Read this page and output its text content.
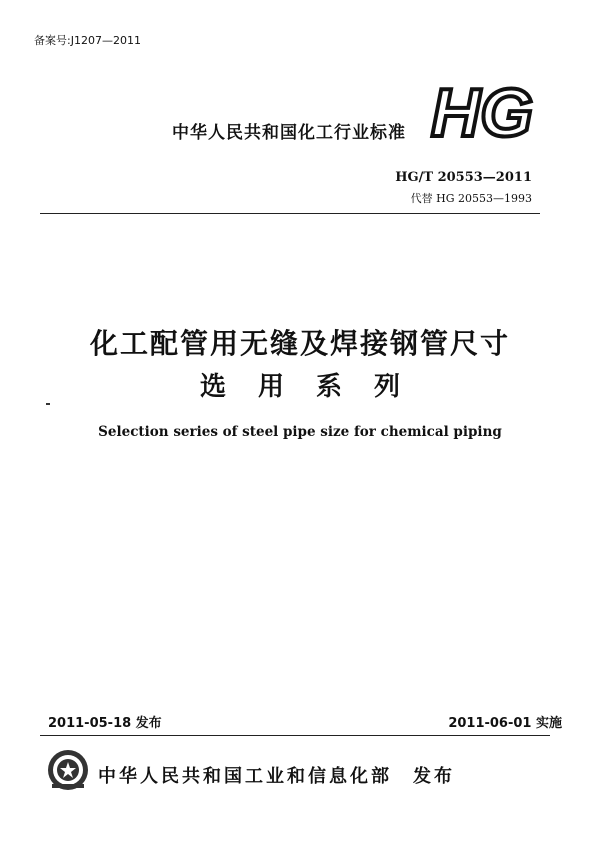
备案号:J1207—2011
中华人民共和国化工行业标准 HG
HG/T 20553—2011
代替 HG 20553—1993
化工配管用无缝及焊接钢管尺寸
选用系列
Selection series of steel pipe size for chemical piping
2011-05-18 发布	2011-06-01 实施
中华人民共和国工业和信息化部　发布
